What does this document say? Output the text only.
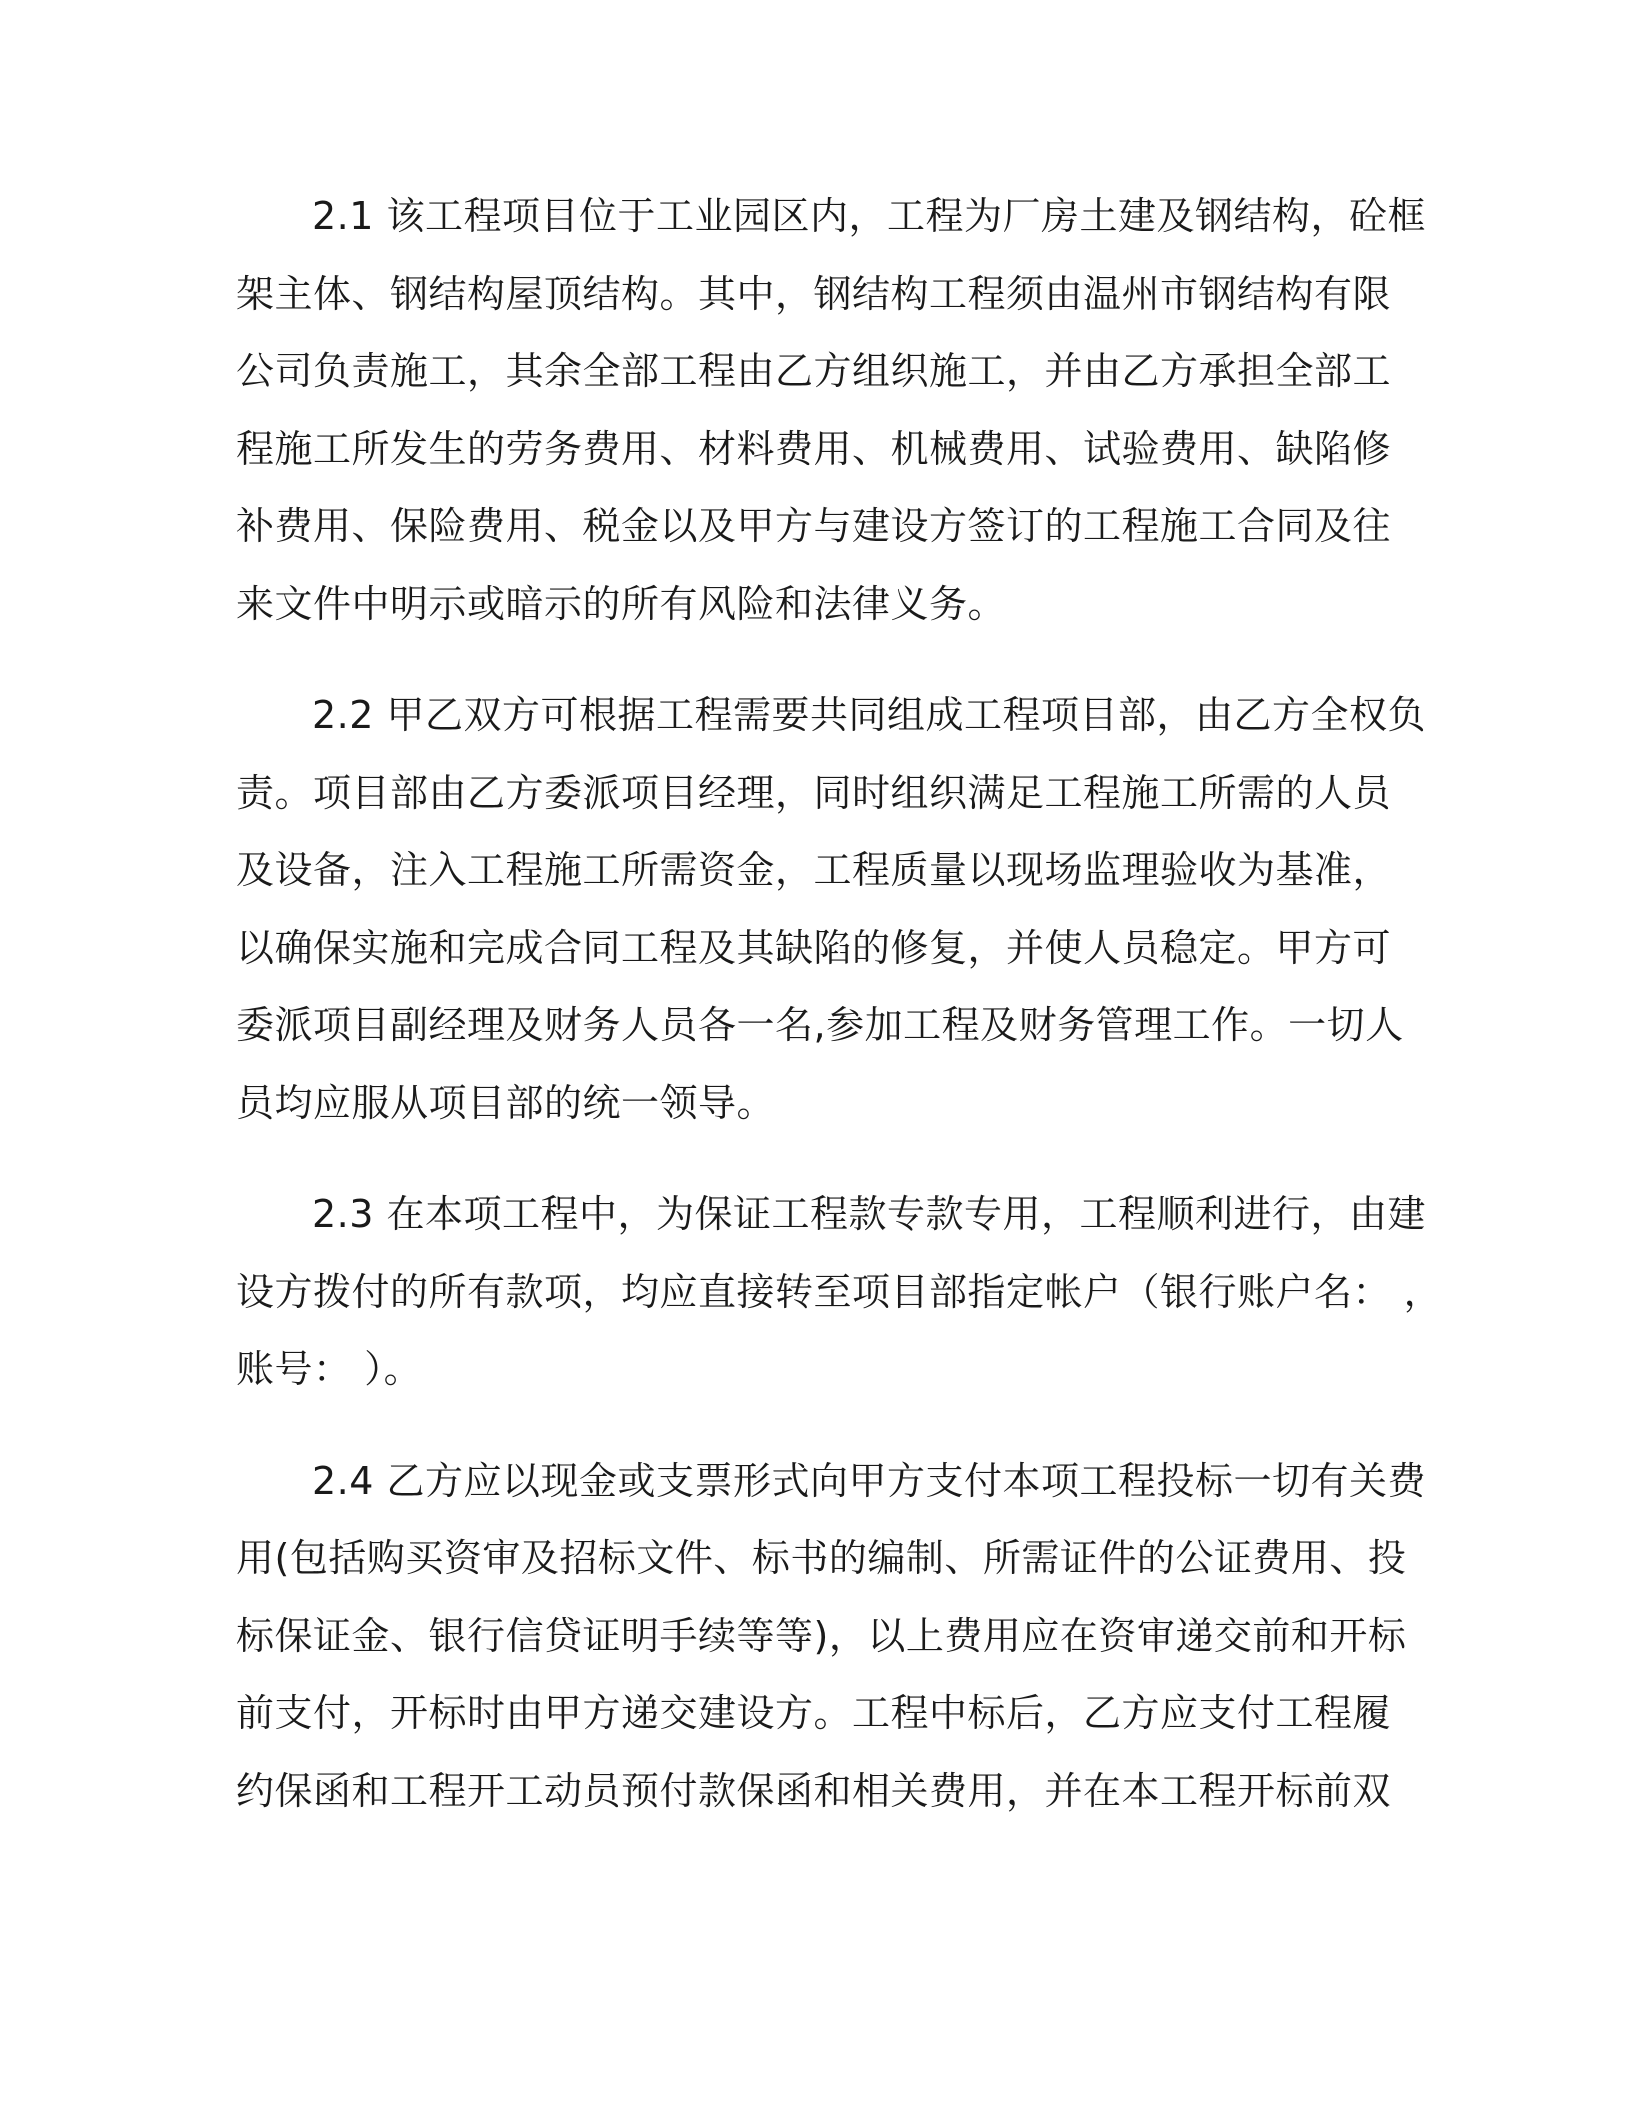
2.1 该工程项目位于工业园区内，工程为厂房土建及钢结构，砼框
架主体、钢结构屋顶结构。其中，钢结构工程须由温州市钢结构有限
公司负责施工，其余全部工程由乙方组织施工，并由乙方承担全部工
程施工所发生的劳务费用、材料费用、机械费用、试验费用、缺陷修
补费用、保险费用、税金以及甲方与建设方签订的工程施工合同及往
来文件中明示或暗示的所有风险和法律义务。

2.2 甲乙双方可根据工程需要共同组成工程项目部，由乙方全权负
责。项目部由乙方委派项目经理，同时组织满足工程施工所需的人员
及设备，注入工程施工所需资金，工程质量以现场监理验收为基准，
以确保实施和完成合同工程及其缺陷的修复，并使人员稳定。甲方可
委派项目副经理及财务人员各一名,参加工程及财务管理工作。一切人
员均应服从项目部的统一领导。

2.3 在本项工程中，为保证工程款专款专用，工程顺利进行，由建
设方拨付的所有款项，均应直接转至项目部指定帐户（银行账户名： ，
账号： ）。

2.4 乙方应以现金或支票形式向甲方支付本项工程投标一切有关费
用(包括购买资审及招标文件、标书的编制、所需证件的公证费用、投
标保证金、银行信贷证明手续等等)，以上费用应在资审递交前和开标
前支付，开标时由甲方递交建设方。工程中标后，乙方应支付工程履
约保函和工程开工动员预付款保函和相关费用，并在本工程开标前双
